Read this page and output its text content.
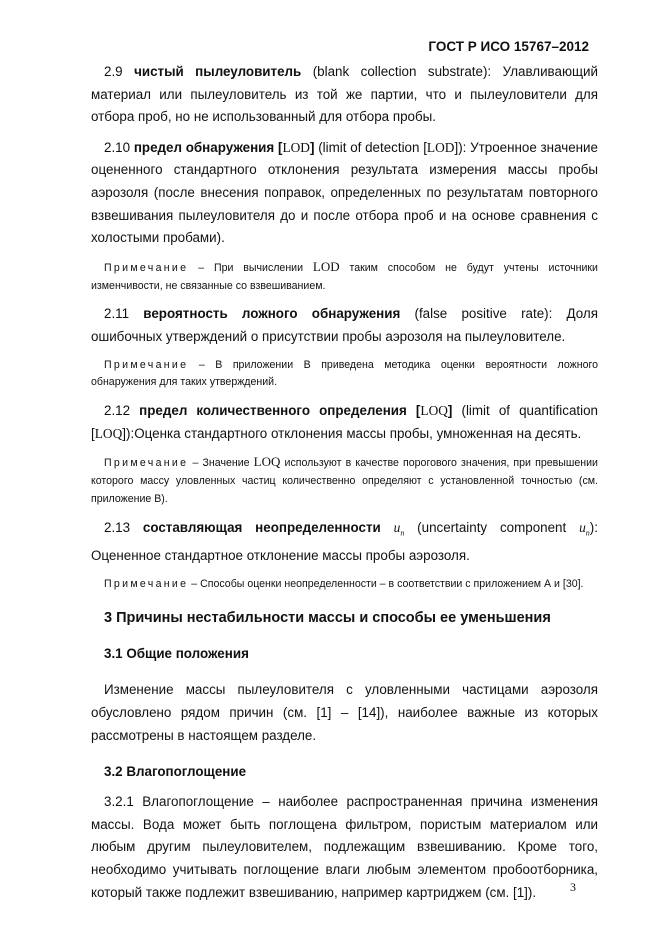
ГОСТ Р ИСО 15767–2012

2.9 чистый пылеуловитель (blank collection substrate): Улавливающий материал или пылеуловитель из той же партии, что и пылеуловители для отбора проб, но не использованный для отбора пробы.

2.10 предел обнаружения [LOD] (limit of detection [LOD]): Утроенное значение оцененного стандартного отклонения результата измерения массы пробы аэрозоля (после внесения поправок, определенных по результатам повторного взвешивания пылеуловителя до и после отбора проб и на основе сравнения с холостыми пробами).

Примечание – При вычислении LOD таким способом не будут учтены источники изменчивости, не связанные со взвешиванием.

2.11 вероятность ложного обнаружения (false positive rate): Доля ошибочных утверждений о присутствии пробы аэрозоля на пылеуловителе.

Примечание – В приложении В приведена методика оценки вероятности ложного обнаружения для таких утверждений.

2.12 предел количественного определения [LOQ] (limit of quantification [LOQ]):Оценка стандартного отклонения массы пробы, умноженная на десять.

Примечание – Значение LOQ используют в качестве порогового значения, при превышении которого массу уловленных частиц количественно определяют с установленной точностью (см. приложение В).

2.13 составляющая неопределенности $u_n$ (uncertainty component $u_n$): Оцененное стандартное отклонение массы пробы аэрозоля.

Примечание – Способы оценки неопределенности – в соответствии с приложением А и [30].

3 Причины нестабильности массы и способы ее уменьшения
3.1 Общие положения

Изменение массы пылеуловителя с уловленными частицами аэрозоля обусловлено рядом причин (см. [1] – [14]), наиболее важные из которых рассмотрены в настоящем разделе.

3.2 Влагопоглощение

3.2.1 Влагопоглощение – наиболее распространенная причина изменения массы. Вода может быть поглощена фильтром, пористым материалом или любым другим пылеуловителем, подлежащим взвешиванию. Кроме того, необходимо учитывать поглощение влаги любым элементом пробоотборника, который также подлежит взвешиванию, например картриджем (см. [1]).	3
